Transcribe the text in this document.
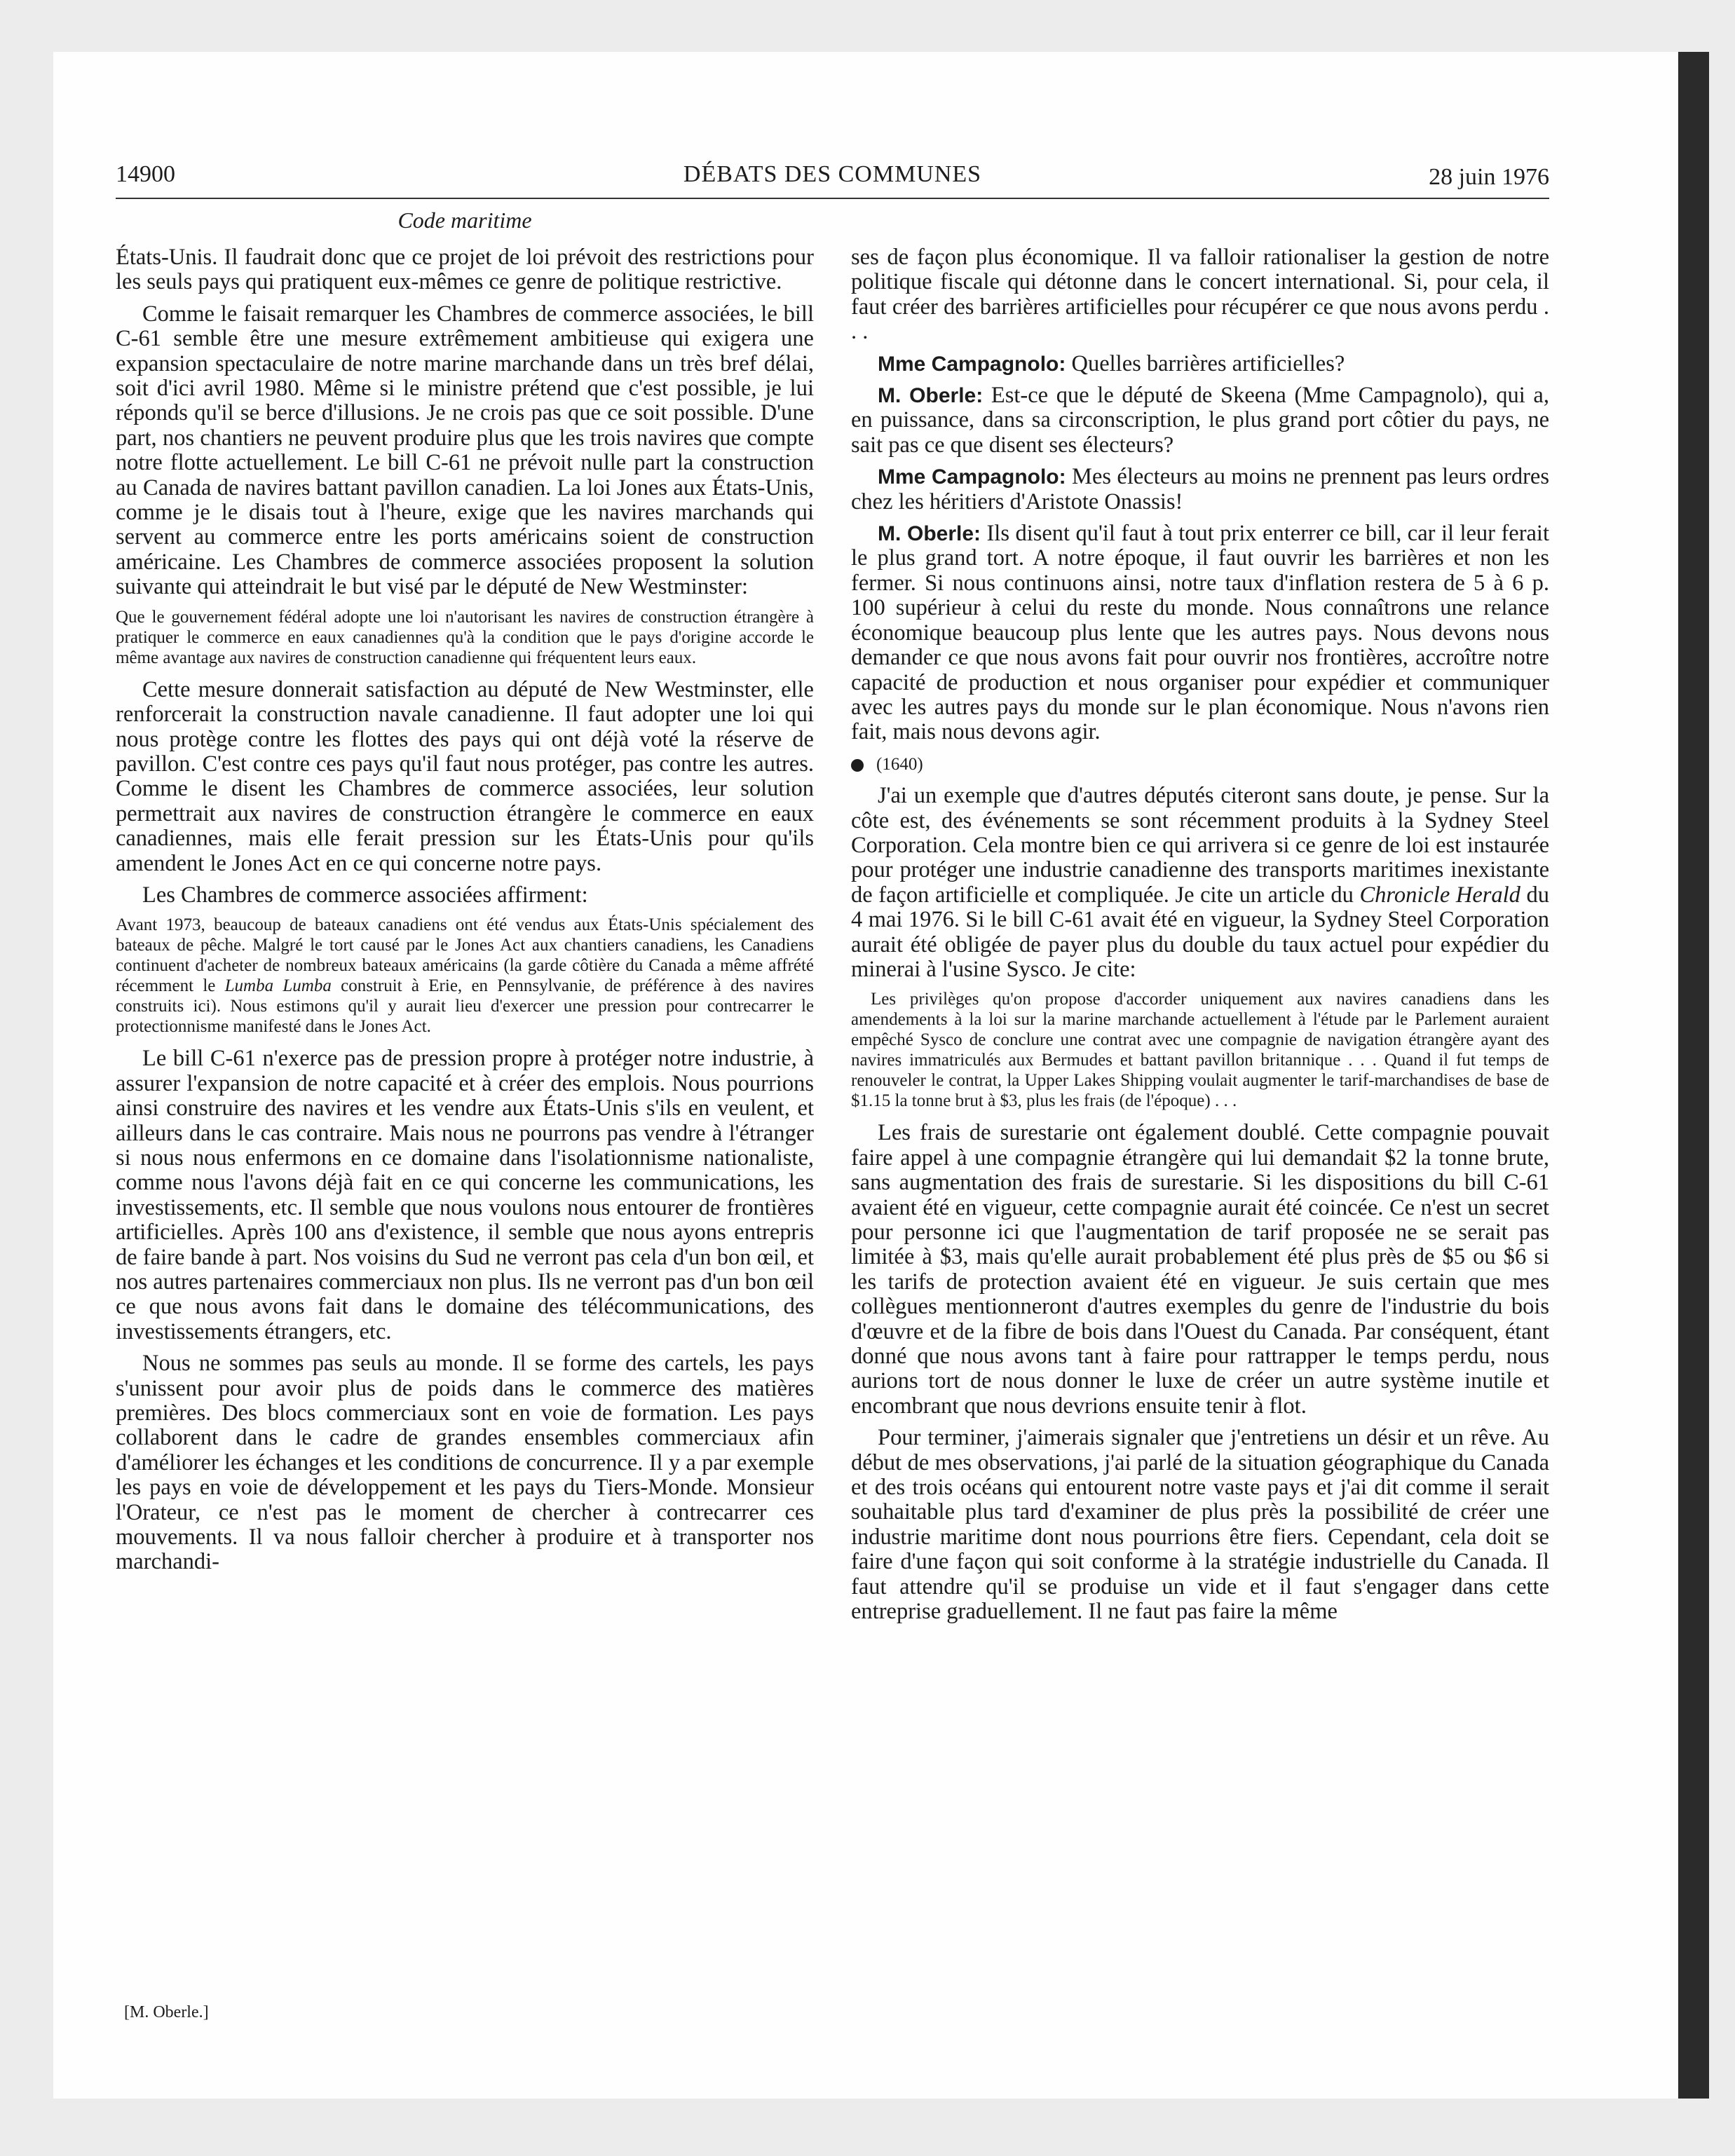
14900	DÉBATS DES COMMUNES	28 juin 1976
Code maritime

États-Unis. Il faudrait donc que ce projet de loi prévoit des restrictions pour les seuls pays qui pratiquent eux-mêmes ce genre de politique restrictive.

Comme le faisait remarquer les Chambres de commerce associées, le bill C-61 semble être une mesure extrêmement ambitieuse qui exigera une expansion spectaculaire de notre marine marchande dans un très bref délai, soit d'ici avril 1980. Même si le ministre prétend que c'est possible, je lui réponds qu'il se berce d'illusions. Je ne crois pas que ce soit possible. D'une part, nos chantiers ne peuvent produire plus que les trois navires que compte notre flotte actuellement. Le bill C-61 ne prévoit nulle part la construction au Canada de navires battant pavillon canadien. La loi Jones aux États-Unis, comme je le disais tout à l'heure, exige que les navires marchands qui servent au commerce entre les ports américains soient de construction américaine. Les Chambres de commerce associées proposent la solution suivante qui atteindrait le but visé par le député de New Westminster:

Que le gouvernement fédéral adopte une loi n'autorisant les navires de construction étrangère à pratiquer le commerce en eaux canadiennes qu'à la condition que le pays d'origine accorde le même avantage aux navires de construction canadienne qui fréquentent leurs eaux.

Cette mesure donnerait satisfaction au député de New Westminster, elle renforcerait la construction navale canadienne. Il faut adopter une loi qui nous protège contre les flottes des pays qui ont déjà voté la réserve de pavillon. C'est contre ces pays qu'il faut nous protéger, pas contre les autres. Comme le disent les Chambres de commerce associées, leur solution permettrait aux navires de construction étrangère le commerce en eaux canadiennes, mais elle ferait pression sur les États-Unis pour qu'ils amendent le Jones Act en ce qui concerne notre pays.

Les Chambres de commerce associées affirment:

Avant 1973, beaucoup de bateaux canadiens ont été vendus aux États-Unis spécialement des bateaux de pêche. Malgré le tort causé par le Jones Act aux chantiers canadiens, les Canadiens continuent d'acheter de nombreux bateaux américains (la garde côtière du Canada a même affrété récemment le Lumba Lumba construit à Erie, en Pennsylvanie, de préférence à des navires construits ici). Nous estimons qu'il y aurait lieu d'exercer une pression pour contrecarrer le protectionnisme manifesté dans le Jones Act.

Le bill C-61 n'exerce pas de pression propre à protéger notre industrie, à assurer l'expansion de notre capacité et à créer des emplois. Nous pourrions ainsi construire des navires et les vendre aux États-Unis s'ils en veulent, et ailleurs dans le cas contraire. Mais nous ne pourrons pas vendre à l'étranger si nous nous enfermons en ce domaine dans l'isolationnisme nationaliste, comme nous l'avons déjà fait en ce qui concerne les communications, les investissements, etc. Il semble que nous voulons nous entourer de frontières artificielles. Après 100 ans d'existence, il semble que nous ayons entrepris de faire bande à part. Nos voisins du Sud ne verront pas cela d'un bon œil, et nos autres partenaires commerciaux non plus. Ils ne verront pas d'un bon œil ce que nous avons fait dans le domaine des télécommunications, des investissements étrangers, etc.

Nous ne sommes pas seuls au monde. Il se forme des cartels, les pays s'unissent pour avoir plus de poids dans le commerce des matières premières. Des blocs commerciaux sont en voie de formation. Les pays collaborent dans le cadre de grandes ensembles commerciaux afin d'améliorer les échanges et les conditions de concurrence. Il y a par exemple les pays en voie de développement et les pays du Tiers-Monde. Monsieur l'Orateur, ce n'est pas le moment de chercher à contrecarrer ces mouvements. Il va nous falloir chercher à produire et à transporter nos marchandi-

ses de façon plus économique. Il va falloir rationaliser la gestion de notre politique fiscale qui détonne dans le concert international. Si, pour cela, il faut créer des barrières artificielles pour récupérer ce que nous avons perdu . . .

Mme Campagnolo: Quelles barrières artificielles?

M. Oberle: Est-ce que le député de Skeena (Mme Campagnolo), qui a, en puissance, dans sa circonscription, le plus grand port côtier du pays, ne sait pas ce que disent ses électeurs?

Mme Campagnolo: Mes électeurs au moins ne prennent pas leurs ordres chez les héritiers d'Aristote Onassis!

M. Oberle: Ils disent qu'il faut à tout prix enterrer ce bill, car il leur ferait le plus grand tort. A notre époque, il faut ouvrir les barrières et non les fermer. Si nous continuons ainsi, notre taux d'inflation restera de 5 à 6 p. 100 supérieur à celui du reste du monde. Nous connaîtrons une relance économique beaucoup plus lente que les autres pays. Nous devons nous demander ce que nous avons fait pour ouvrir nos frontières, accroître notre capacité de production et nous organiser pour expédier et communiquer avec les autres pays du monde sur le plan économique. Nous n'avons rien fait, mais nous devons agir.

(1640)

J'ai un exemple que d'autres députés citeront sans doute, je pense. Sur la côte est, des événements se sont récemment produits à la Sydney Steel Corporation. Cela montre bien ce qui arrivera si ce genre de loi est instaurée pour protéger une industrie canadienne des transports maritimes inexistante de façon artificielle et compliquée. Je cite un article du Chronicle Herald du 4 mai 1976. Si le bill C-61 avait été en vigueur, la Sydney Steel Corporation aurait été obligée de payer plus du double du taux actuel pour expédier du minerai à l'usine Sysco. Je cite:

Les privilèges qu'on propose d'accorder uniquement aux navires canadiens dans les amendements à la loi sur la marine marchande actuellement à l'étude par le Parlement auraient empêché Sysco de conclure une contrat avec une compagnie de navigation étrangère ayant des navires immatriculés aux Bermudes et battant pavillon britannique . . . Quand il fut temps de renouveler le contrat, la Upper Lakes Shipping voulait augmenter le tarif-marchandises de base de $1.15 la tonne brut à $3, plus les frais (de l'époque) . . .

Les frais de surestarie ont également doublé. Cette compagnie pouvait faire appel à une compagnie étrangère qui lui demandait $2 la tonne brute, sans augmentation des frais de surestarie. Si les dispositions du bill C-61 avaient été en vigueur, cette compagnie aurait été coincée. Ce n'est un secret pour personne ici que l'augmentation de tarif proposée ne se serait pas limitée à $3, mais qu'elle aurait probablement été plus près de $5 ou $6 si les tarifs de protection avaient été en vigueur. Je suis certain que mes collègues mentionneront d'autres exemples du genre de l'industrie du bois d'œuvre et de la fibre de bois dans l'Ouest du Canada. Par conséquent, étant donné que nous avons tant à faire pour rattrapper le temps perdu, nous aurions tort de nous donner le luxe de créer un autre système inutile et encombrant que nous devrions ensuite tenir à flot.

Pour terminer, j'aimerais signaler que j'entretiens un désir et un rêve. Au début de mes observations, j'ai parlé de la situation géographique du Canada et des trois océans qui entourent notre vaste pays et j'ai dit comme il serait souhaitable plus tard d'examiner de plus près la possibilité de créer une industrie maritime dont nous pourrions être fiers. Cependant, cela doit se faire d'une façon qui soit conforme à la stratégie industrielle du Canada. Il faut attendre qu'il se produise un vide et il faut s'engager dans cette entreprise graduellement. Il ne faut pas faire la même

[M. Oberle.]
